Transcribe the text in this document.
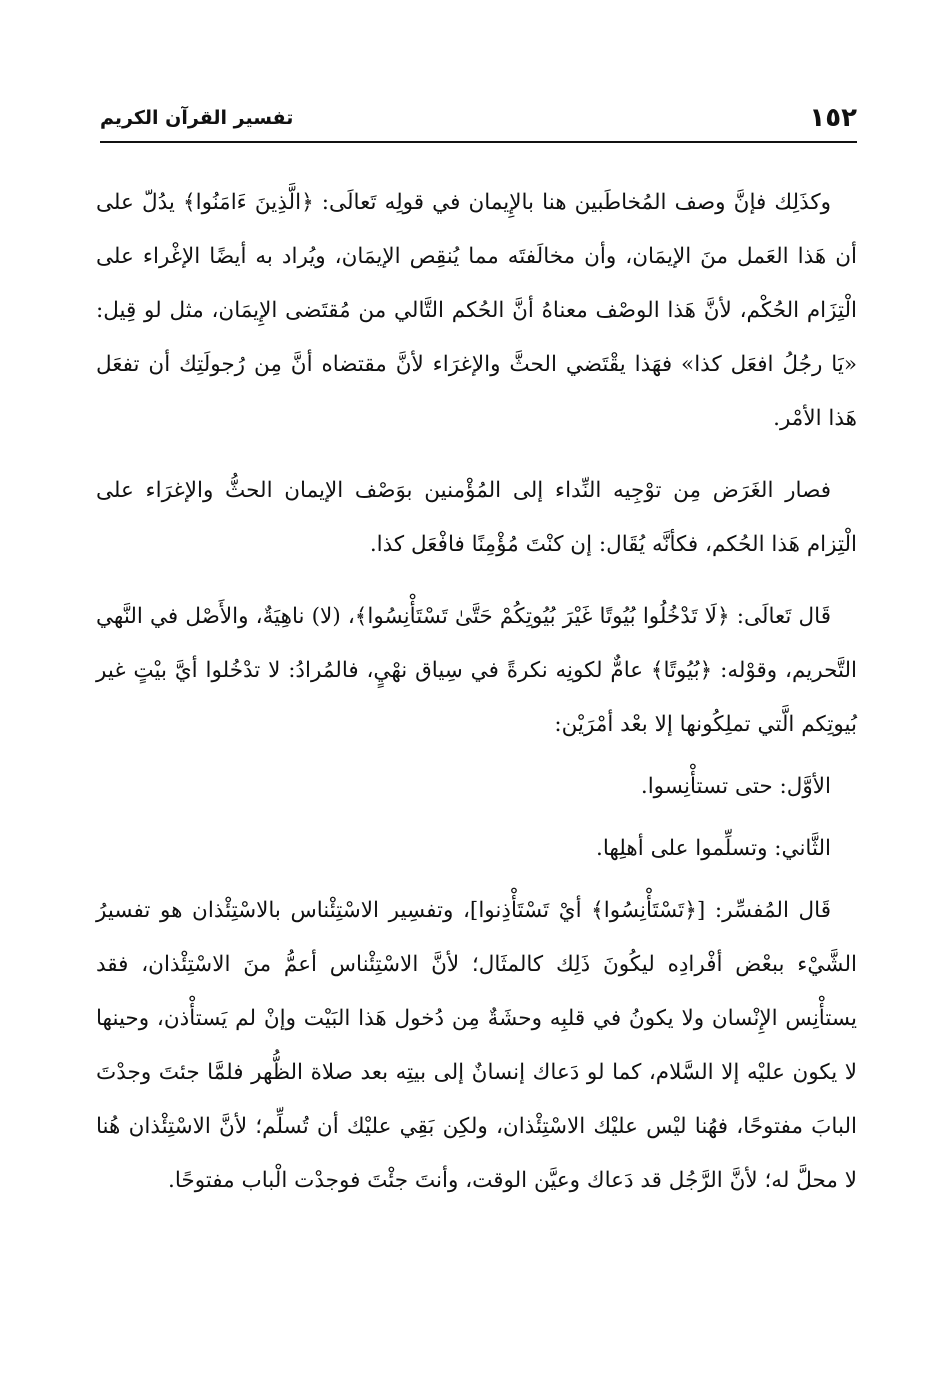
١٥٢
تفسير القرآن الكريم

وكذَلِك فإنَّ وصف المُخاطَبين هنا بالإِيمان في قولِه تَعالَى: ﴿الَّذِينَ ءَامَنُوا﴾ يدُلّ على أن هَذا العَمل منَ الإيمَان، وأن مخالَفتَه مما يُنقِص الإيمَان، ويُراد به أيضًا الإغْراء على الْتِزَام الحُكْم، لأنَّ هَذا الوصْف معناهُ أنَّ الحُكم التَّالي من مُقتَضى الإِيمَان، مثل لو قِيل: «يَا رجُلُ افعَل كذا» فهَذا يقْتَضي الحثَّ والإغرَاء لأنَّ مقتضاه أنَّ مِن رُجولَتِك أن تفعَل هَذا الأمْر.

فصار الغَرَض مِن توْجِيه النِّداء إلى المُؤْمنين بوَصْف الإيمان الحثُّ والإغرَاء على الْتِزام هَذا الحُكم، فكأنَّه يُقَال: إن كنْتَ مُؤْمِنًا فافْعَل كذا.

قَال تَعالَى: ﴿لَا تَدْخُلُوا بُيُوتًا غَيْرَ بُيُوتِكُمْ حَتَّىٰ تَسْتَأْنِسُوا﴾، (لا) ناهِيَةٌ، والأَصْل في النَّهي التَّحريم، وقوْله: ﴿بُيُوتًا﴾ عامٌّ لكونِه نكرةً في سِياق نهْيٍ، فالمُرادُ: لا تدْخُلوا أيَّ بيْتٍ غير بُيوتِكم الَّتي تملِكُونها إلا بعْد أمْرَيْن:

الأوَّل: حتى تستأْنِسوا.

الثَّاني: وتسلِّموا على أهلِها.

قَال المُفسِّر: [﴿تَسْتَأْنِسُوا﴾ أيْ تَسْتَأْذِنوا]، وتفسِير الاسْتِئْناس بالاسْتِئْذان هو تفسيرُ الشَّيْء ببعْض أفْرادِه ليكُونَ ذَلِك كالمثَال؛ لأنَّ الاسْتِئْناس أعمُّ منَ الاسْتِئْذان، فقد يستأْنِس الإِنْسان ولا يكونُ في قلبِه وحشَةٌ مِن دُخول هَذا البَيْت وإنْ لم يَستأْذن، وحينها لا يكون عليْه إلا السَّلام، كما لو دَعاك إنسانٌ إلى بيتِه بعد صلاة الظُّهر فلمَّا جئتَ وجدْتَ البابَ مفتوحًا، فهُنا ليْس عليْك الاسْتِئْذان، ولكِن بَقِي عليْك أن تُسلِّم؛ لأنَّ الاسْتِئْذان هُنا لا محلَّ له؛ لأنَّ الرَّجُل قد دَعاك وعيَّن الوقت، وأنتَ جئْتَ فوجدْت الْباب مفتوحًا.
